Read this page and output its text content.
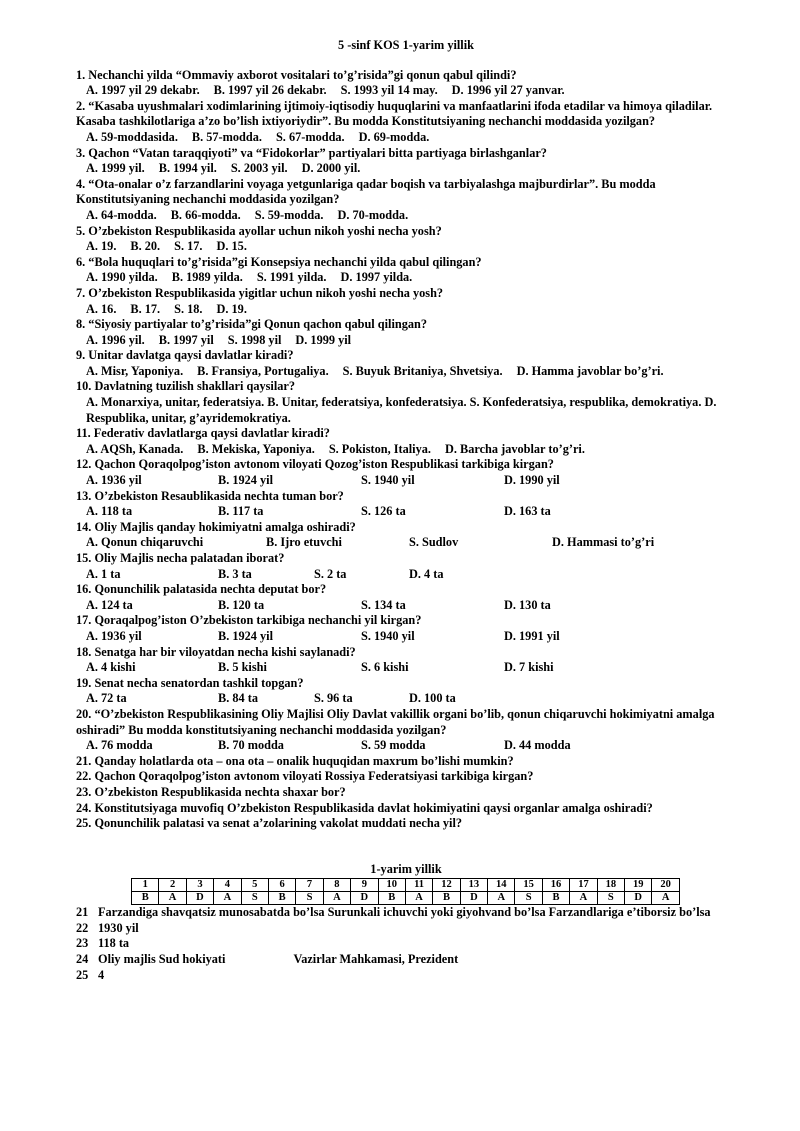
5 -sinf KOS 1-yarim yillik
1. Nechanchi yilda “Ommaviy axborot vositalari to’g’risida”gi qonun qabul qilindi?
A. 1997 yil 29 dekabr. B. 1997 yil 26 dekabr. S. 1993 yil 14 may. D. 1996 yil 27 yanvar.
2. “Kasaba uyushmalari xodimlarining ijtimoiy-iqtisodiy huquqlarini va manfaatlarini ifoda etadilar va himoya qiladilar. Kasaba tashkilotlariga a’zo bo’lish ixtiyoriydir”. Bu modda Konstitutsiyaning nechanchi moddasida yozilgan?
A. 59-moddasida. B. 57-modda. S. 67-modda. D. 69-modda.
3. Qachon “Vatan taraqqiyoti” va “Fidokorlar” partiyalari bitta partiyaga birlashganlar?
A. 1999 yil. B. 1994 yil. S. 2003 yil. D. 2000 yil.
4. “Ota-onalar o’z farzandlarini voyaga yetgunlariga qadar boqish va tarbiyalashga majburdirlar”. Bu modda Konstitutsiyaning nechanchi moddasida yozilgan?
A. 64-modda. B. 66-modda. S. 59-modda. D. 70-modda.
5. O’zbekiston Respublikasida ayollar uchun nikoh yoshi necha yosh?
A. 19. B. 20. S. 17. D. 15.
6. “Bola huquqlari to’g’risida”gi Konsepsiya nechanchi yilda qabul qilingan?
A. 1990 yilda. B. 1989 yilda. S. 1991 yilda. D. 1997 yilda.
7. O’zbekiston Respublikasida yigitlar uchun nikoh yoshi necha yosh?
A. 16. B. 17. S. 18. D. 19.
8. “Siyosiy partiyalar to’g’risida”gi Qonun qachon qabul qilingan?
A. 1996 yil. B. 1997 yil S. 1998 yil D. 1999 yil
9. Unitar davlatga qaysi davlatlar kiradi?
A. Misr, Yaponiya. B. Fransiya, Portugaliya. S. Buyuk Britaniya, Shvetsiya. D. Hamma javoblar bo’g’ri.
10. Davlatning tuzilish shakllari qaysilar?
A. Monarxiya, unitar, federatsiya. B. Unitar, federatsiya, konfederatsiya. S. Konfederatsiya, respublika, demokratiya. D. Respublika, unitar, g’ayridemokratiya.
11. Federativ davlatlarga qaysi davlatlar kiradi?
A. AQSh, Kanada. B. Mekiska, Yaponiya. S. Pokiston, Italiya. D. Barcha javoblar to’g’ri.
12. Qachon Qoraqolpog’iston avtonom viloyati Qozog’iston Respublikasi tarkibiga kirgan?
A. 1936 yil	B. 1924 yil	S. 1940 yil	D. 1990 yil
13. O’zbekiston Resaublikasida nechta tuman bor?
A. 118 ta	B. 117 ta	S. 126 ta	D. 163 ta
14. Oliy Majlis qanday hokimiyatni amalga oshiradi?
A. Qonun chiqaruvchi	B. Ijro etuvchi	S. Sudlov	D. Hammasi to’g’ri
15. Oliy Majlis necha palatadan iborat?
A. 1 ta	B. 3 ta	S. 2 ta	D. 4 ta
16. Qonunchilik palatasida nechta deputat bor?
A. 124 ta	B. 120 ta	S. 134 ta	D. 130 ta
17. Qoraqalpog’iston O’zbekiston tarkibiga nechanchi yil kirgan?
A. 1936 yil	B. 1924 yil	S. 1940 yil	D. 1991 yil
18. Senatga har bir viloyatdan necha kishi saylanadi?
A. 4 kishi	B. 5 kishi	S. 6 kishi	D. 7 kishi
19. Senat necha senatordan tashkil topgan?
A. 72 ta	B. 84 ta	S. 96 ta	D. 100 ta
20. “O’zbekiston Respublikasining Oliy Majlisi Oliy Davlat vakillik organi bo’lib, qonun chiqaruvchi hokimiyatni amalga oshiradi” Bu modda konstitutsiyaning nechanchi moddasida yozilgan?
A. 76 modda	B. 70 modda	S. 59 modda	D. 44 modda
21. Qanday holatlarda ota – ona ota – onalik huquqidan maxrum bo’lishi mumkin?
22. Qachon Qoraqolpog’iston avtonom viloyati Rossiya Federatsiyasi tarkibiga kirgan?
23. O’zbekiston Respublikasida nechta shaxar bor?
24. Konstitutsiyaga muvofiq O’zbekiston Respublikasida davlat hokimiyatini qaysi organlar amalga oshiradi?
25. Qonunchilik palatasi va senat a’zolarining vakolat muddati necha yil?
1-yarim yillik
1	2	3	4	5	6	7	8	9	10	11	12	13	14	15	16	17	18	19	20
B	A	D	A	S	B	S	A	D	B	A	B	D	A	S	B	A	S	D	A
21 Farzandiga shavqatsiz munosabatda bo’lsa Surunkali ichuvchi yoki giyohvand bo’lsa Farzandlariga e’tiborsiz bo’lsa
22 1930 yil
23 118 ta
24 Oliy majlis Sud hokiyati	Vazirlar Mahkamasi, Prezident
25 4
